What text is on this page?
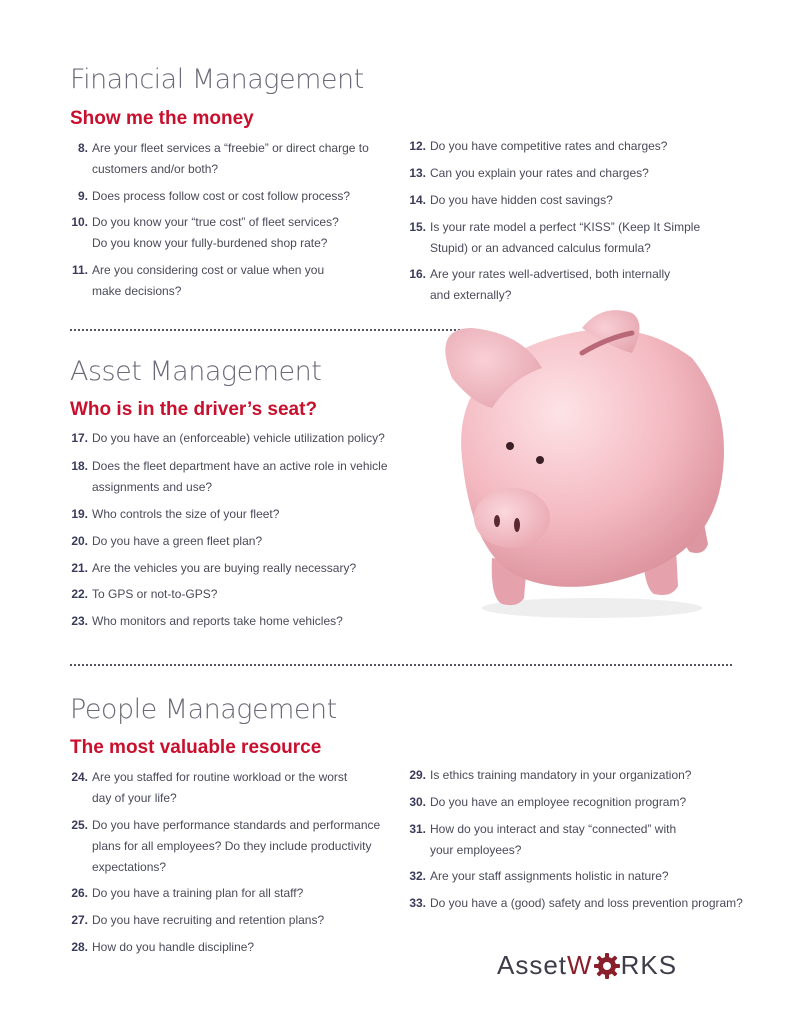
Financial Management
Show me the money
8. Are your fleet services a “freebie” or direct charge to
customers and/or both?
9. Does process follow cost or cost follow process?
10. Do you know your “true cost” of fleet services?
Do you know your fully-burdened shop rate?
11. Are you considering cost or value when you
make decisions?
12. Do you have competitive rates and charges?
13. Can you explain your rates and charges?
14. Do you have hidden cost savings?
15. Is your rate model a perfect “KISS” (Keep It Simple
Stupid) or an advanced calculus formula?
16. Are your rates well-advertised, both internally
and externally?
Asset Management
Who is in the driver’s seat?
17. Do you have an (enforceable) vehicle utilization policy?
18. Does the fleet department have an active role in vehicle
assignments and use?
19. Who controls the size of your fleet?
20. Do you have a green fleet plan?
21. Are the vehicles you are buying really necessary?
22. To GPS or not-to-GPS?
23. Who monitors and reports take home vehicles?
People Management
The most valuable resource
24. Are you staffed for routine workload or the worst
day of your life?
25. Do you have performance standards and performance
plans for all employees? Do they include productivity
expectations?
26. Do you have a training plan for all staff?
27. Do you have recruiting and retention plans?
28. How do you handle discipline?
29. Is ethics training mandatory in your organization?
30. Do you have an employee recognition program?
31. How do you interact and stay “connected” with
your employees?
32. Are your staff assignments holistic in nature?
33. Do you have a (good) safety and loss prevention program?
Asset W RKS
